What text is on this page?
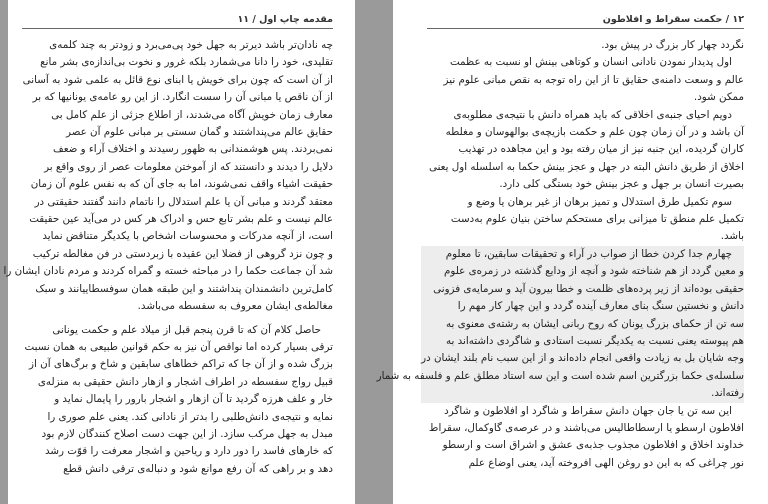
مقدمه چاپ اول / ۱۱
چه نادان‌تر باشد دیرتر به جهل خود پی‌می‌برد و زودتر به چند کلمه‌ی
تقلیدی، خود را دانا می‌شمارد بلکه غرور و نخوت بی‌اندازه‌ی بشر مانع
از آن است که چون برای خویش یا ابنای نوع قائل به علمی شود به آسانی
از آن ناقص یا مبانی آن را سست انگارد. از این رو عامه‌ی یونانیها که بر
معارف زمان خویش آگاه می‌شدند، از اطلاع جزئی از علم کامل بی
حقایق عالم می‌پنداشتند و گمان سستی بر مبانی علوم آن عصر
نمی‌بردند. پس هوشمندانی به ظهور رسیدند و اختلاف آراء و ضعف
دلایل را دیدند و دانستند که از آموختن معلومات عصر از روی واقع بر
حقیقت اشیاء واقف نمی‌شوند، اما به جای آن که به نفس علوم آن زمان
معتقد گردند و مبانی آن یا علم استدلال را ناتمام دانند گفتند حقیقتی در
عالم نیست و علم بشر تابع حس و ادراک هر کس در می‌آید عین حقیقت
است، از آنچه مدرکات و محسوسات اشخاص با یکدیگر متناقض نماید
و چون نزد گروهی از فضلا این عقیده با زبردستی در فن مغالطه ترکیب
شد آن جماعت حکما را در مباحثه خسته و گمراه کردند و مردم نادان ایشان را
کامل‌ترین دانشمندان پنداشتند و این طبقه همان سوفسطاییانند و سبک
مغالطه‌ی ایشان معروف به سفسطه می‌باشد.
حاصل کلام آن که تا قرن پنجم قبل از میلاد علم و حکمت یونانی
ترقی بسیار کرده اما نواقص آن نیز به حکم قوانین طبیعی به همان نسبت
بزرگ شده و از آن جا که تراکم خطاهای سابقین و شاخ و برگ‌های آن از
قبیل رواج سفسطه در اطراف اشجار و ازهار دانش حقیقی به منزله‌ی
خار و علف هرزه گردید تا آن ازهار و اشجار بارور را پایمال نماید و
نمایه و نتیجه‌ی دانش‌طلبی را بدتر از نادانی کند. یعنی علم صوری را
مبدل به جهل مرکب سازد. از این جهت دست اصلاح کنندگان لازم بود
که خارهای فاسد را دور دارد و ریاحین و اشجار معرفت را قوّت رشد
دهد و بر راهی که آن رفع موانع شود و دنباله‌ی ترقی دانش قطع
۱۲ / حکمت سقراط و افلاطون
نگردد چهار کار بزرگ در پیش بود.
اول پدیدار نمودن نادانی انسان و کوتاهی بینش او نسبت به عظمت
عالم و وسعت دامنه‌ی حقایق تا از این راه توجه به نقص مبانی علوم نیز
ممکن شود.
دویم احیای جنبه‌ی اخلاقی که باید همراه دانش با نتیجه‌ی مطلوبه‌ی
آن باشد و در آن زمان چون علم و حکمت بازیچه‌ی بوالهوسان و مغلطه
کاران گردیده، این جنبه نیز از میان رفته بود و این مجاهده در تهذیب
اخلاق از طریق دانش البته در جهل و عجز بینش حکما به اسلسله اول یعنی
بصیرت انسان بر جهل و عجز بینش خود بستگی کلی دارد.
سوم تکمیل طرق استدلال و تمیز برهان از غیر برهان یا وضع و
تکمیل علم منطق تا میزانی برای مستحکم ساختن بنیان علوم به‌دست
باشد.
چهارم جدا کردن خطا از صواب در آراء و تحقیقات سابقین، تا معلوم
و معین گردد از هم شناخته شود و آنچه از ودایع گذشته در زمره‌ی علوم
حقیقی بوده‌اند از زیر پرده‌های ظلمت و خطا بیرون آید و سرمایه‌ی فزونی
دانش و نخستین سنگ بنای معارف آینده گردد و این چهار کار مهم را
سه تن از حکمای بزرگ یونان که روح ربانی ایشان به رشته‌ی معنوی به
هم پیوسته یعنی نسبت به یکدیگر نسبت استادی و شاگردی داشته‌اند به
وجه شایان بل به زیادت واقعی انجام داده‌اند و از این سبب نام بلند ایشان در
سلسله‌ی حکما بزرگترین اسم شده است و این سه استاد مطلق علم و فلسفه به شمار
رفته‌اند.
این سه تن یا جان جهان دانش سقراط و شاگرد او افلاطون و شاگرد
افلاطون ارسطو یا ارسطاطالیس می‌باشند و در عرصه‌ی گاوکمال، سقراط
خداوند اخلاق و افلاطون مجذوب جذبه‌ی عشق و اشراق است و ارسطو
نور چراغی که به این دو روغن الهی افروخته آید، یعنی اوضاع علم
